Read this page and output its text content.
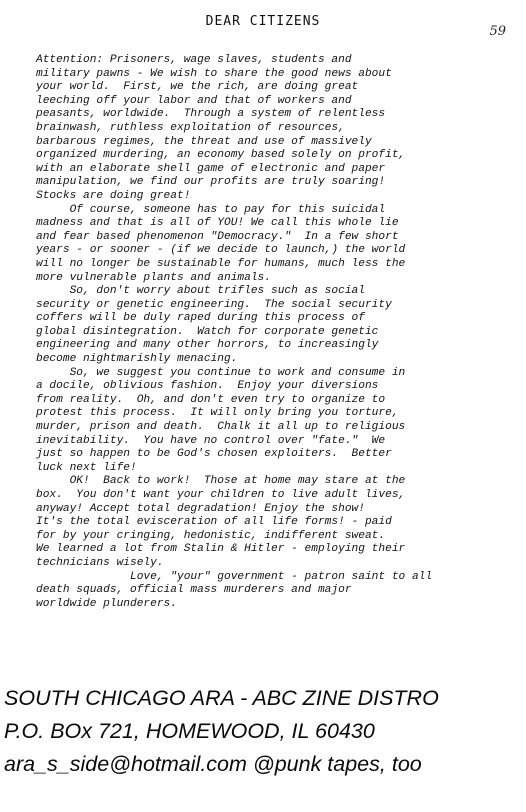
DEAR CITIZENS
59
Attention: Prisoners, wage slaves, students and
military pawns - We wish to share the good news about
your world.  First, we the rich, are doing great
leeching off your labor and that of workers and
peasants, worldwide.  Through a system of relentless
brainwash, ruthless exploitation of resources,
barbarous regimes, the threat and use of massively
organized murdering, an economy based solely on profit,
with an elaborate shell game of electronic and paper
manipulation, we find our profits are truly soaring!
Stocks are doing great!
Of course, someone has to pay for this suicidal
madness and that is all of YOU! We call this whole lie
and fear based phenomenon "Democracy."  In a few short
years - or sooner - (if we decide to launch,) the world
will no longer be sustainable for humans, much less the
more vulnerable plants and animals.
So, don't worry about trifles such as social
security or genetic engineering.  The social security
coffers will be duly raped during this process of
global disintegration.  Watch for corporate genetic
engineering and many other horrors, to increasingly
become nightmarishly menacing.
So, we suggest you continue to work and consume in
a docile, oblivious fashion.  Enjoy your diversions
from reality.  Oh, and don't even try to organize to
protest this process.  It will only bring you torture,
murder, prison and death.  Chalk it all up to religious
inevitability.  You have no control over "fate."  We
just so happen to be God's chosen exploiters.  Better
luck next life!
OK!  Back to work!  Those at home may stare at the
box.  You don't want your children to live adult lives,
anyway! Accept total degradation! Enjoy the show!
It's the total evisceration of all life forms! - paid
for by your cringing, hedonistic, indifferent sweat.
We learned a lot from Stalin & Hitler - employing their
technicians wisely.
Love, "your" government - patron saint to all
death squads, official mass murderers and major
worldwide plunderers.
SOUTH CHICAGO ARA - ABC ZINE DISTRO
P.O. BOx 721, HOMEWOOD, IL 60430
ara_s_side@hotmail.com @punk tapes, too
